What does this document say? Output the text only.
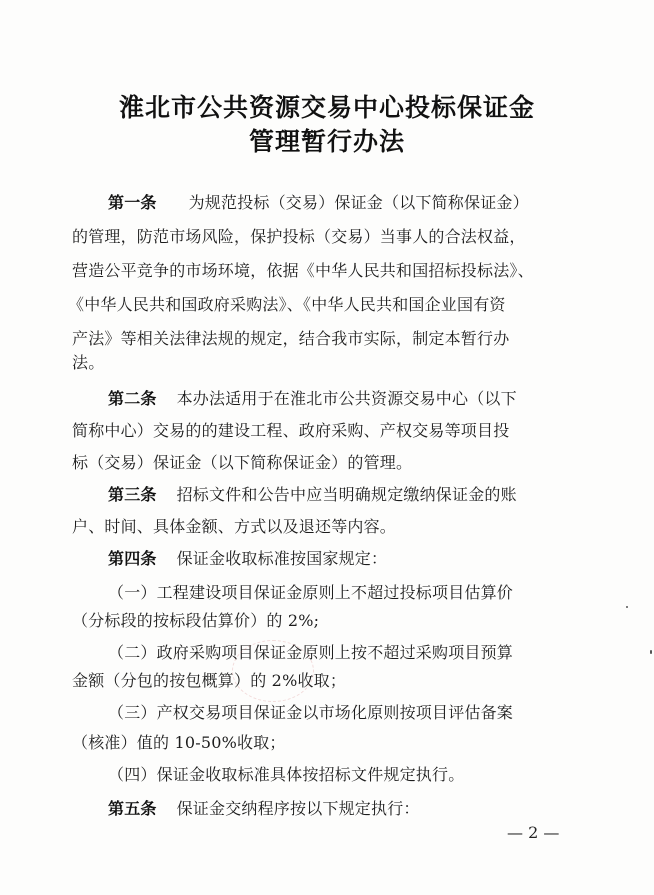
淮北市公共资源交易中心投标保证金
管理暂行办法
第一条 为规范投标（交易）保证金（以下简称保证金）
的管理，防范市场风险，保护投标（交易）当事人的合法权益，
营造公平竞争的市场环境，依据《中华人民共和国招标投标法》、
《中华人民共和国政府采购法》、《中华人民共和国企业国有资
产法》等相关法律法规的规定，结合我市实际，制定本暂行办
法。
第二条 本办法适用于在淮北市公共资源交易中心（以下
简称中心）交易的的建设工程、政府采购、产权交易等项目投
标（交易）保证金（以下简称保证金）的管理。
第三条 招标文件和公告中应当明确规定缴纳保证金的账
户、时间、具体金额、方式以及退还等内容。
第四条 保证金收取标准按国家规定：
（一）工程建设项目保证金原则上不超过投标项目估算价
（分标段的按标段估算价）的 2%;
（二）政府采购项目保证金原则上按不超过采购项目预算
金额（分包的按包概算）的 2%收取；
（三）产权交易项目保证金以市场化原则按项目评估备案
（核准）值的 10-50%收取；
（四）保证金收取标准具体按招标文件规定执行。
第五条 保证金交纳程序按以下规定执行：
— 2 —
